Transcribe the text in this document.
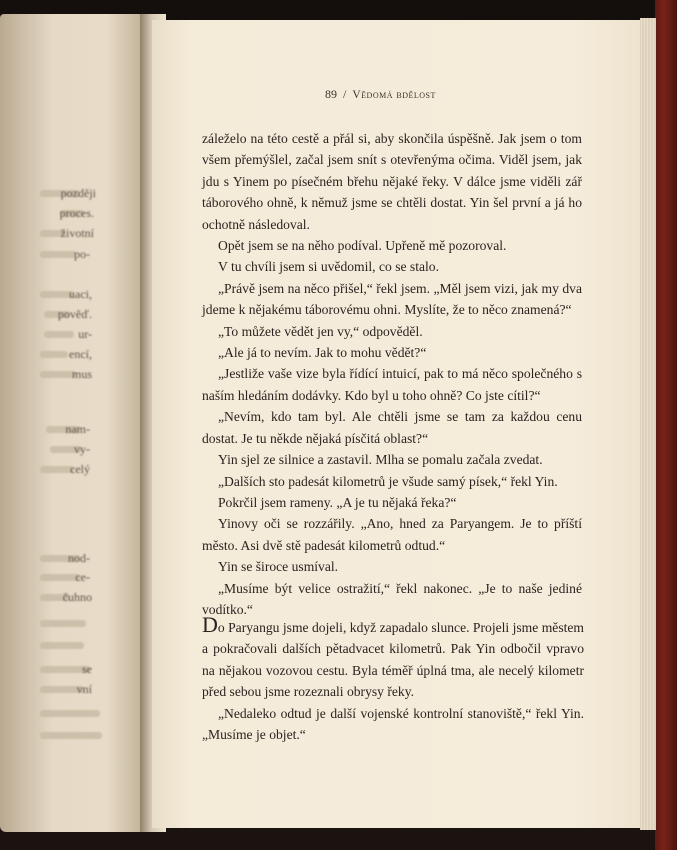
později
proces.
životní
po-
uaci,
pověď.
ur-
encí,
mus
nam-
vy-
celý
nod-
ce-
čuhno
se
vní
89 / Vědomá bdělost

záleželo na této cestě a přál si, aby skončila úspěšně. Jak jsem o tom všem přemýšlel, začal jsem snít s otevřenýma očima. Viděl jsem, jak jdu s Yinem po písečném břehu nějaké řeky. V dálce jsme viděli zář táborového ohně, k němuž jsme se chtěli dostat. Yin šel první a já ho ochotně následoval.

Opět jsem se na něho podíval. Upřeně mě pozoroval.

V tu chvíli jsem si uvědomil, co se stalo.

„Právě jsem na něco přišel,“ řekl jsem. „Měl jsem vizi, jak my dva jdeme k nějakému táborovému ohni. Myslíte, že to něco znamená?“

„To můžete vědět jen vy,“ odpověděl.

„Ale já to nevím. Jak to mohu vědět?“

„Jestliže vaše vize byla řídící intuicí, pak to má něco společného s naším hledáním dodávky. Kdo byl u toho ohně? Co jste cítil?“

„Nevím, kdo tam byl. Ale chtěli jsme se tam za každou cenu dostat. Je tu někde nějaká písčitá oblast?“

Yin sjel ze silnice a zastavil. Mlha se pomalu začala zvedat.

„Dalších sto padesát kilometrů je všude samý písek,“ řekl Yin.

Pokrčil jsem rameny. „A je tu nějaká řeka?“

Yinovy oči se rozzářily. „Ano, hned za Paryangem. Je to příští město. Asi dvě stě padesát kilometrů odtud.“

Yin se široce usmíval.

„Musíme být velice ostražití,“ řekl nakonec. „Je to naše jediné vodítko.“

Do Paryangu jsme dojeli, když zapadalo slunce. Projeli jsme městem a pokračovali dalších pětadvacet kilometrů. Pak Yin odbočil vpravo na nějakou vozovou cestu. Byla téměř úplná tma, ale necelý kilometr před sebou jsme rozeznali obrysy řeky.

„Nedaleko odtud je další vojenské kontrolní stanoviště,“ řekl Yin. „Musíme je objet.“
